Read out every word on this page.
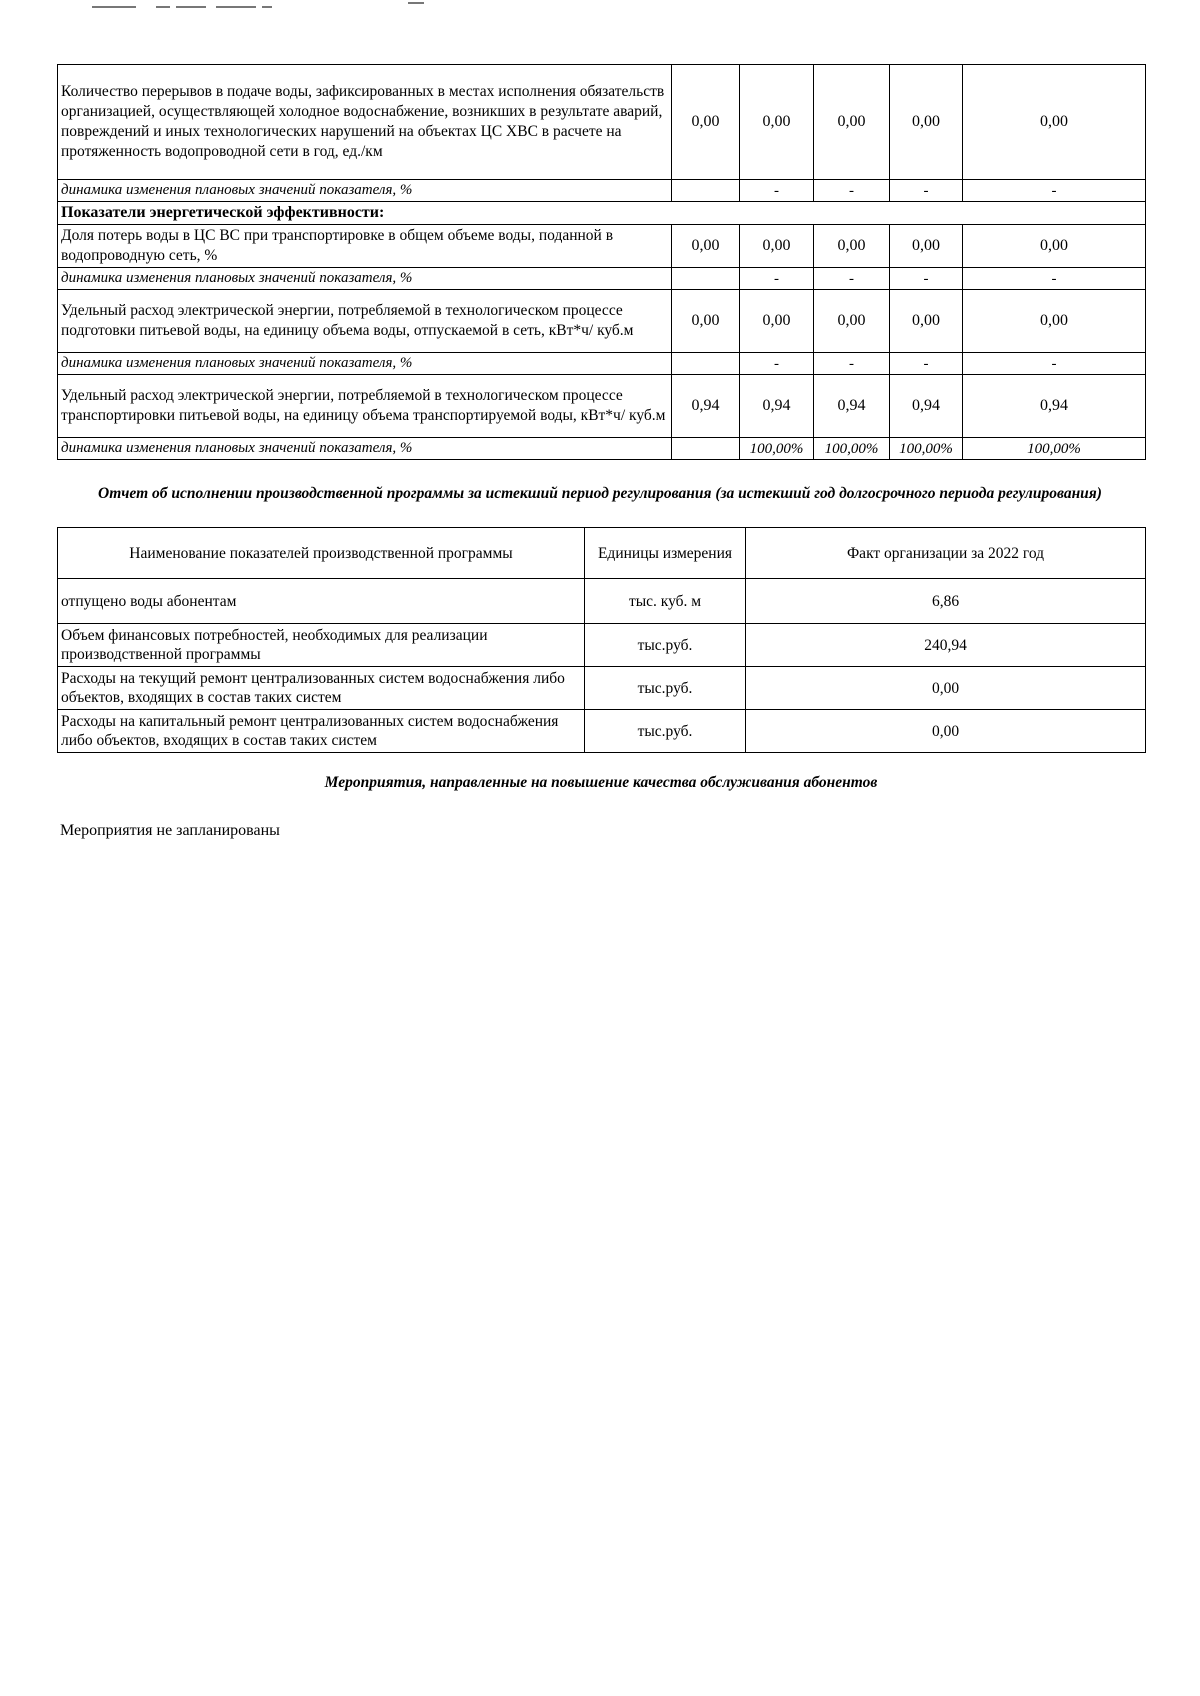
Количество перерывов в подаче воды, зафиксированных в местах исполнения обязательств организацией, осуществляющей холодное водоснабжение, возникших в результате аварий, повреждений и иных технологических нарушений на объектах ЦС ХВС в расчете на протяженность водопроводной сети в год, ед./км	0,00	0,00	0,00	0,00	0,00
динамика изменения плановых значений показателя, %		-	-	-	-
Показатели энергетической эффективности:					
Доля потерь воды в ЦС ВС при транспортировке в общем объеме воды, поданной в водопроводную сеть, %	0,00	0,00	0,00	0,00	0,00
динамика изменения плановых значений показателя, %		-	-	-	-
Удельный расход электрической энергии, потребляемой в технологическом процессе подготовки питьевой воды, на единицу объема воды, отпускаемой в сеть, кВт*ч/ куб.м	0,00	0,00	0,00	0,00	0,00
динамика изменения плановых значений показателя, %		-	-	-	-
Удельный расход электрической энергии, потребляемой в технологическом процессе транспортировки питьевой воды, на единицу объема транспортируемой воды, кВт*ч/ куб.м	0,94	0,94	0,94	0,94	0,94
динамика изменения плановых значений показателя, %		100,00%	100,00%	100,00%	100,00%
Отчет об исполнении производственной программы за истекший период регулирования (за истекший год долгосрочного периода регулирования)
Наименование показателей производственной программы	Единицы измерения	Факт организации за 2022 год
отпущено воды абонентам	тыс. куб. м	6,86
Объем финансовых потребностей, необходимых для реализации производственной программы	тыс.руб.	240,94
Расходы на текущий ремонт централизованных систем водоснабжения либо объектов, входящих в состав таких систем	тыс.руб.	0,00
Расходы на капитальный ремонт централизованных систем водоснабжения либо объектов, входящих в состав таких систем	тыс.руб.	0,00
Мероприятия, направленные на повышение качества обслуживания абонентов
Мероприятия не запланированы
